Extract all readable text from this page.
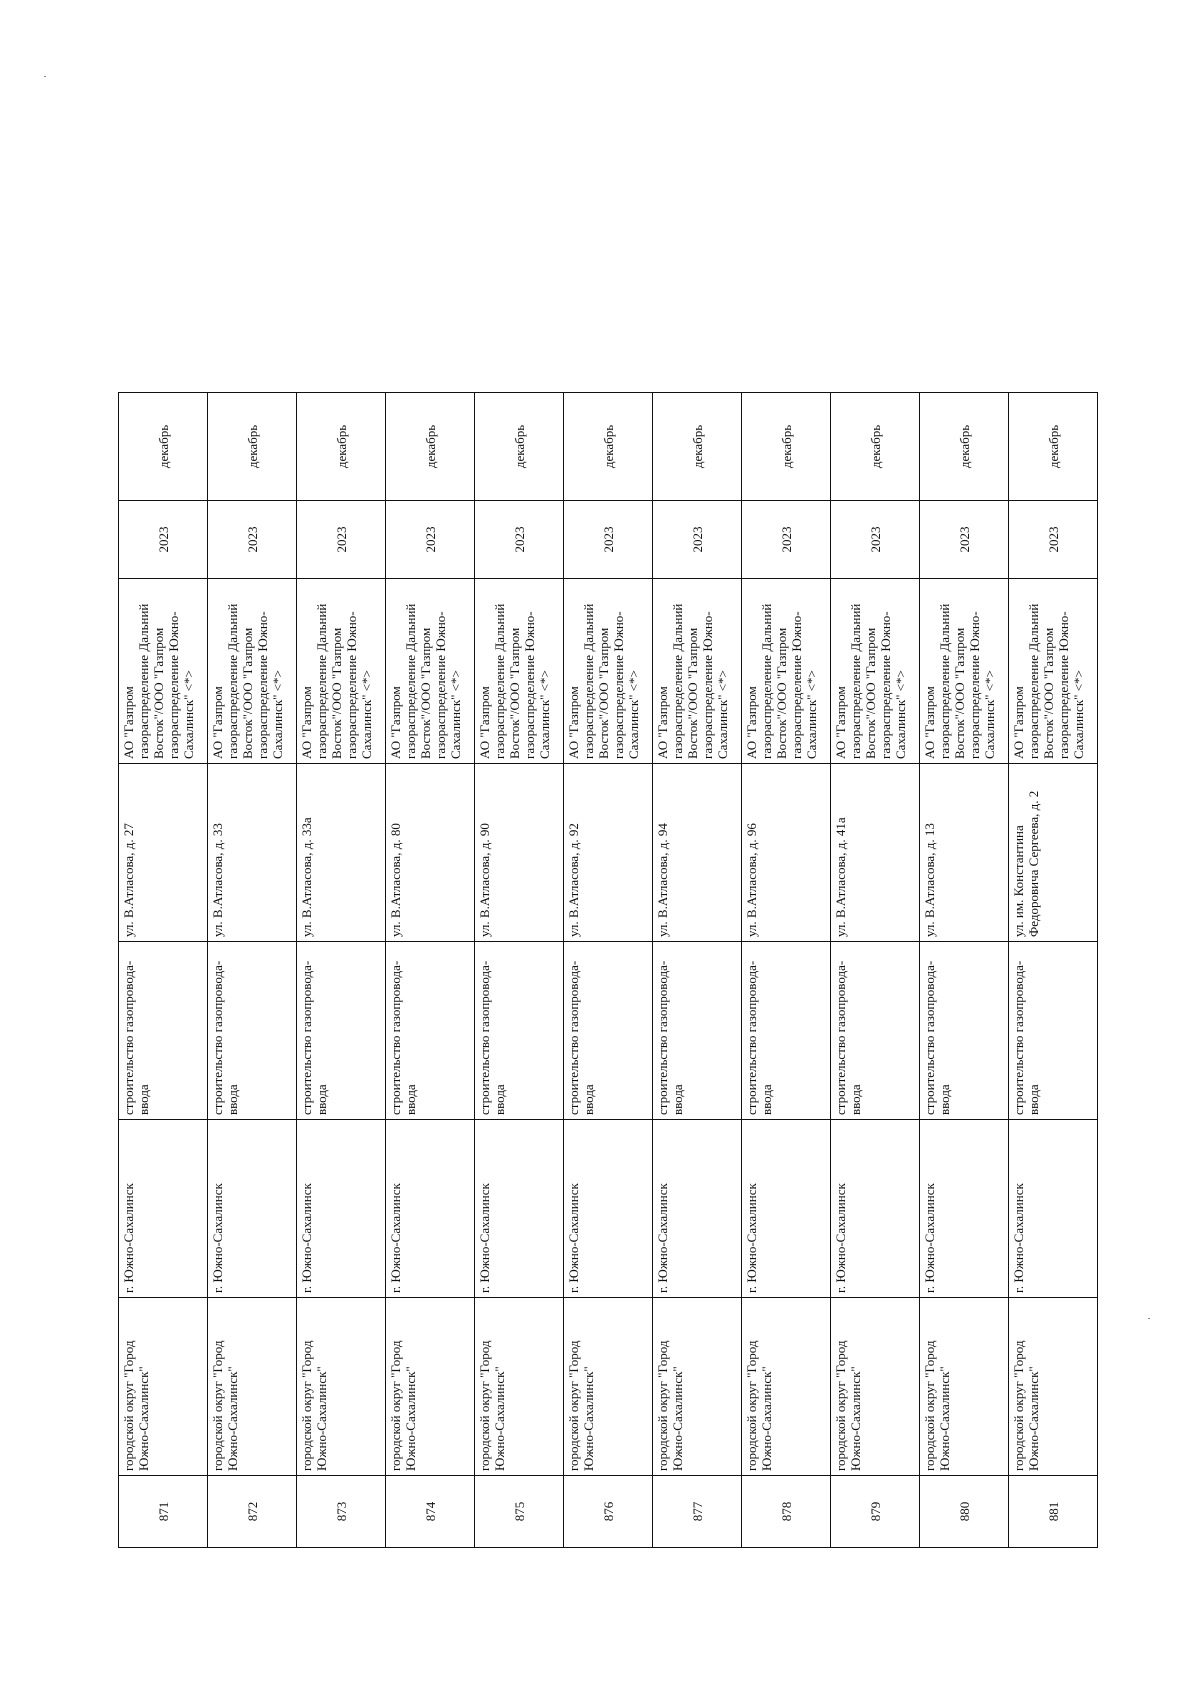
871	городской округ "Город Южно-Сахалинск"	г. Южно-Сахалинск	строительство газопровода-ввода	ул. В.Атласова, д. 27	АО "Газпром газораспределение Дальний Восток"/ООО "Газпром газораспределение Южно-Сахалинск" <*>	2023	декабрь
872	городской округ "Город Южно-Сахалинск"	г. Южно-Сахалинск	строительство газопровода-ввода	ул. В.Атласова, д. 33	АО "Газпром газораспределение Дальний Восток"/ООО "Газпром газораспределение Южно-Сахалинск" <*>	2023	декабрь
873	городской округ "Город Южно-Сахалинск"	г. Южно-Сахалинск	строительство газопровода-ввода	ул. В.Атласова, д. 33а	АО "Газпром газораспределение Дальний Восток"/ООО "Газпром газораспределение Южно-Сахалинск" <*>	2023	декабрь
874	городской округ "Город Южно-Сахалинск"	г. Южно-Сахалинск	строительство газопровода-ввода	ул. В.Атласова, д. 80	АО "Газпром газораспределение Дальний Восток"/ООО "Газпром газораспределение Южно-Сахалинск" <*>	2023	декабрь
875	городской округ "Город Южно-Сахалинск"	г. Южно-Сахалинск	строительство газопровода-ввода	ул. В.Атласова, д. 90	АО "Газпром газораспределение Дальний Восток"/ООО "Газпром газораспределение Южно-Сахалинск" <*>	2023	декабрь
876	городской округ "Город Южно-Сахалинск"	г. Южно-Сахалинск	строительство газопровода-ввода	ул. В.Атласова, д. 92	АО "Газпром газораспределение Дальний Восток"/ООО "Газпром газораспределение Южно-Сахалинск" <*>	2023	декабрь
877	городской округ "Город Южно-Сахалинск"	г. Южно-Сахалинск	строительство газопровода-ввода	ул. В.Атласова, д. 94	АО "Газпром газораспределение Дальний Восток"/ООО "Газпром газораспределение Южно-Сахалинск" <*>	2023	декабрь
878	городской округ "Город Южно-Сахалинск"	г. Южно-Сахалинск	строительство газопровода-ввода	ул. В.Атласова, д. 96	АО "Газпром газораспределение Дальний Восток"/ООО "Газпром газораспределение Южно-Сахалинск" <*>	2023	декабрь
879	городской округ "Город Южно-Сахалинск"	г. Южно-Сахалинск	строительство газопровода-ввода	ул. В.Атласова, д. 41а	АО "Газпром газораспределение Дальний Восток"/ООО "Газпром газораспределение Южно-Сахалинск" <*>	2023	декабрь
880	городской округ "Город Южно-Сахалинск"	г. Южно-Сахалинск	строительство газопровода-ввода	ул. В.Атласова, д. 13	АО "Газпром газораспределение Дальний Восток"/ООО "Газпром газораспределение Южно-Сахалинск" <*>	2023	декабрь
881	городской округ "Город Южно-Сахалинск"	г. Южно-Сахалинск	строительство газопровода-ввода	ул. им. Константина Федоровича Сергеева, д. 2	АО "Газпром газораспределение Дальний Восток"/ООО "Газпром газораспределение Южно-Сахалинск" <*>	2023	декабрь
